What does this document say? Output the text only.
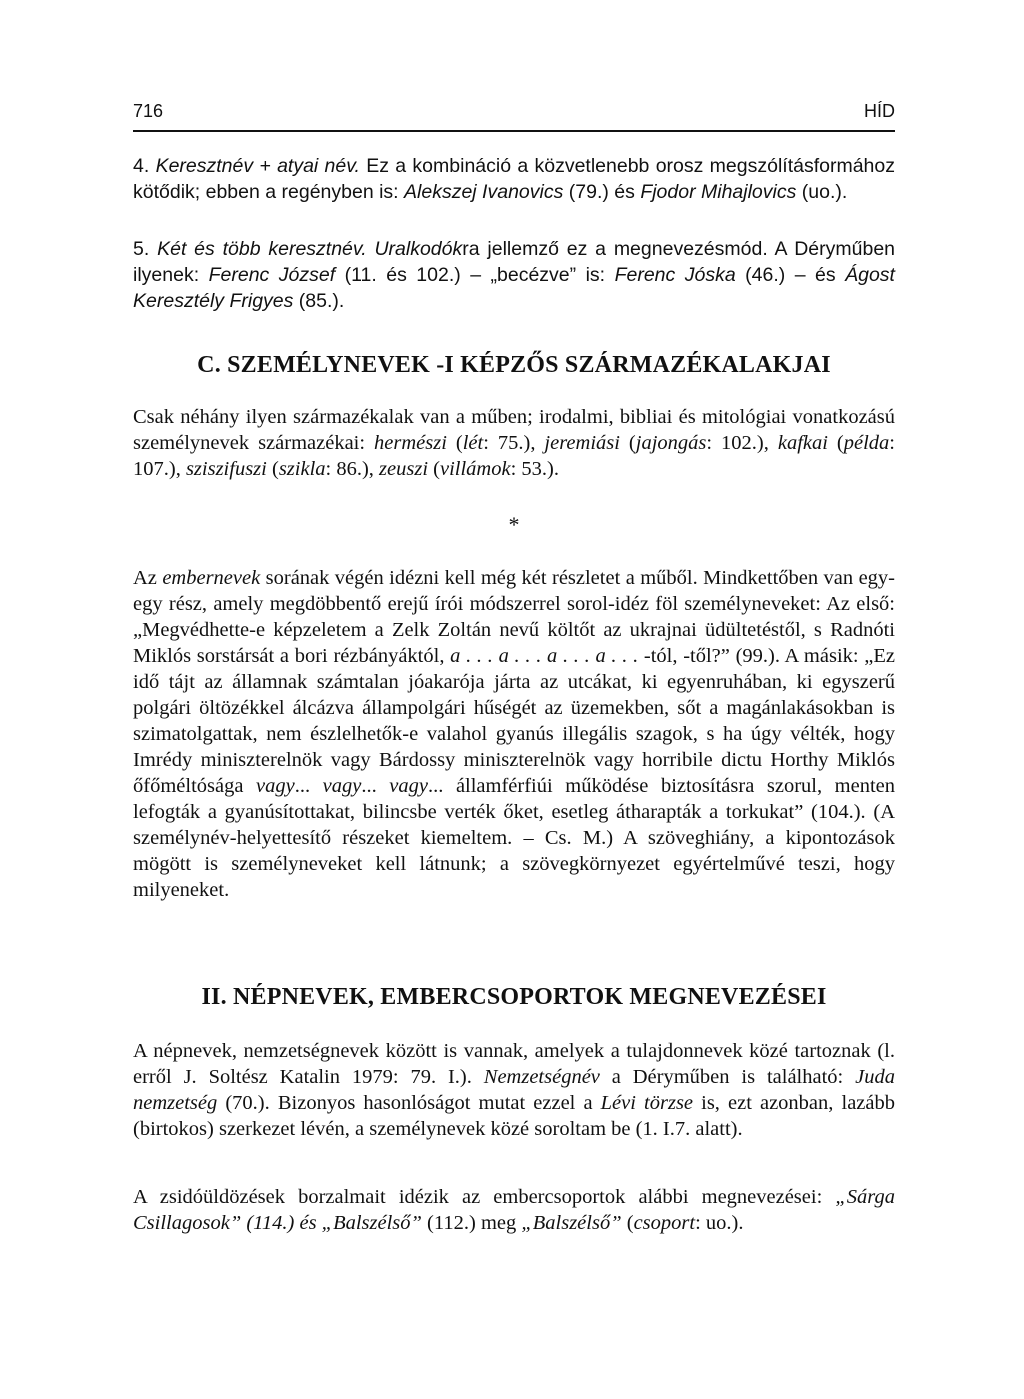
716	HÍD

4. Keresztnév + atyai név. Ez a kombináció a közvetlenebb orosz megszólításformához kötődik; ebben a regényben is: Alekszej Ivanovics (79.) és Fjodor Mihajlovics (uo.).

5. Két és több keresztnév. Uralkodókra jellemző ez a megnevezésmód. A Déryműben ilyenek: Ferenc József (11. és 102.) – „becézve” is: Ferenc Jóska (46.) – és Ágost Keresztély Frigyes (85.).

C. SZEMÉLYNEVEK -I KÉPZŐS SZÁRMAZÉKALAKJAI

Csak néhány ilyen származékalak van a műben; irodalmi, bibliai és mitológiai vonatkozású személynevek származékai: hermészi (lét: 75.), jeremiási (jajongás: 102.), kafkai (példa: 107.), sziszifuszi (szikla: 86.), zeuszi (villámok: 53.).

*

Az embernevek sorának végén idézni kell még két részletet a műből. Mindkettőben van egy-egy rész, amely megdöbbentő erejű írói módszerrel sorol-idéz föl személyneveket: Az első: „Megvédhette-e képzeletem a Zelk Zoltán nevű költőt az ukrajnai üdültetéstől, s Radnóti Miklós sorstársát a bori rézbányáktól, a . . . a . . . a . . . a . . . -tól, -től?” (99.). A másik: „Ez idő tájt az államnak számtalan jóakarója járta az utcákat, ki egyenruhában, ki egyszerű polgári öltözékkel álcázva állampolgári hűségét az üzemekben, sőt a magánlakásokban is szimatolgattak, nem észlelhetők-e valahol gyanús illegális szagok, s ha úgy vélték, hogy Imrédy miniszterelnök vagy Bárdossy miniszterelnök vagy horribile dictu Horthy Miklós őfőméltósága vagy... vagy... vagy... államférfiúi működése biztosításra szorul, menten lefogták a gyanúsítottakat, bilincsbe verték őket, esetleg átharapták a torkukat” (104.). (A személynév-helyettesítő részeket kiemeltem. – Cs. M.) A szöveghiány, a kipontozások mögött is személyneveket kell látnunk; a szövegkörnyezet egyértelművé teszi, hogy milyeneket.

II. NÉPNEVEK, EMBERCSOPORTOK MEGNEVEZÉSEI

A népnevek, nemzetségnevek között is vannak, amelyek a tulajdonnevek közé tartoznak (l. erről J. Soltész Katalin 1979: 79. I.). Nemzetségnév a Déryműben is található: Juda nemzetség (70.). Bizonyos hasonlóságot mutat ezzel a Lévi törzse is, ezt azonban, lazább (birtokos) szerkezet lévén, a személynevek közé soroltam be (1. I.7. alatt).

A zsidóüldözések borzalmait idézik az embercsoportok alábbi megnevezései: „Sárga Csillagosok” (114.) és „Balszélső” (112.) meg „Balszélső” (csoport: uo.).
